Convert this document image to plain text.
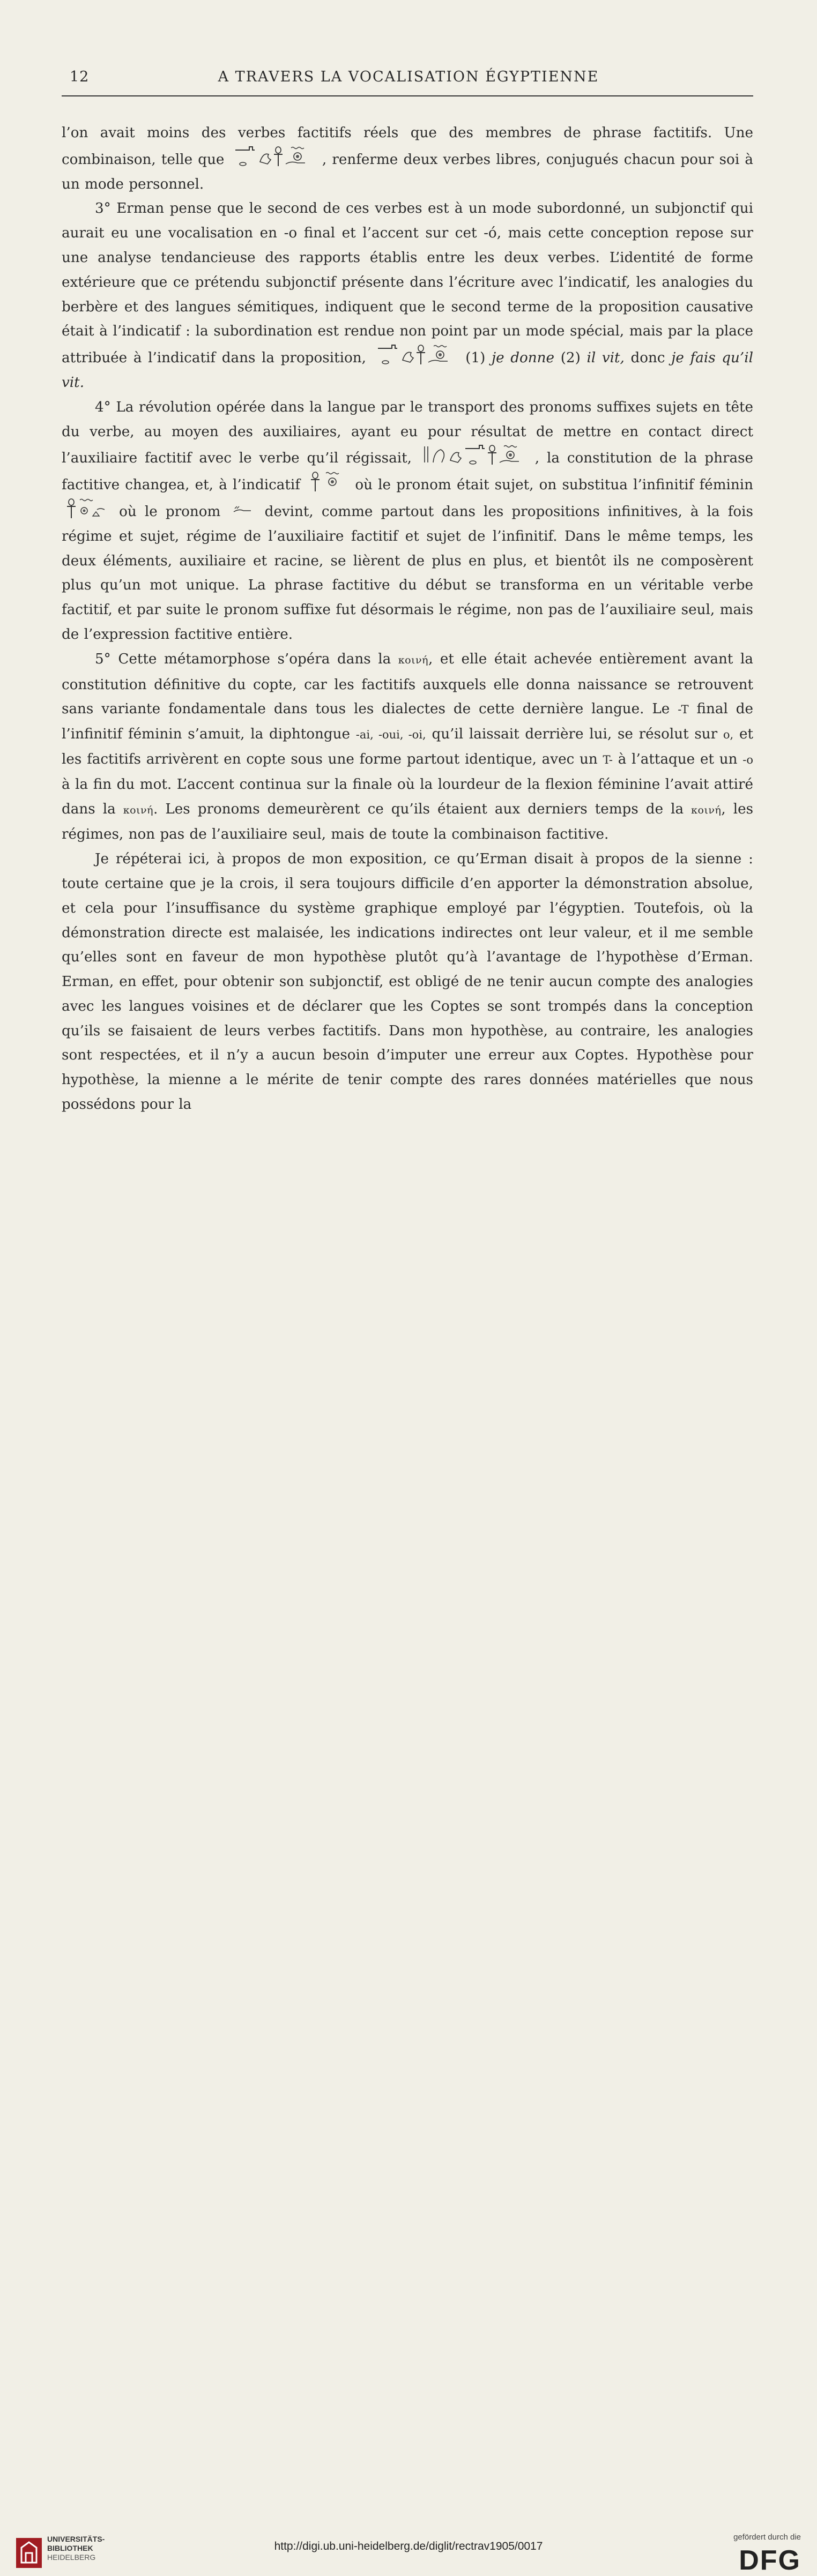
12	A TRAVERS LA VOCALISATION ÉGYPTIENNE

l’on avait moins des verbes factitifs réels que des membres de phrase factitifs. Une combinaison, telle que	, renferme deux verbes libres, conjugués chacun pour soi à un mode personnel.

3° Erman pense que le second de ces verbes est à un mode subordonné, un subjonctif qui aurait eu une vocalisation en -o final et l’accent sur cet -ó, mais cette conception repose sur une analyse tendancieuse des rapports établis entre les deux verbes. L’identité de forme extérieure que ce prétendu subjonctif présente dans l’écriture avec l’indicatif, les analogies du berbère et des langues sémitiques, indiquent que le second terme de la proposition causative était à l’indicatif : la subordination est rendue non point par un mode spécial, mais par la place attribuée à l’indicatif dans la proposition,	(1) je donne (2) il vit, donc je fais qu’il vit.

4° La révolution opérée dans la langue par le transport des pronoms suffixes sujets en tête du verbe, au moyen des auxiliaires, ayant eu pour résultat de mettre en contact direct l’auxiliaire factitif avec le verbe qu’il régissait,	, la constitution de la phrase factitive changea, et, à l’indicatif	où le pronom était sujet, on substitua l’infinitif féminin
où le pronom	devint, comme partout dans les propositions infinitives, à la fois régime et sujet, régime de l’auxiliaire factitif et sujet de l’infinitif. Dans le même temps, les deux éléments, auxiliaire et racine, se lièrent de plus en plus, et bientôt ils ne composèrent plus qu’un mot unique. La phrase factitive du début se transforma en un véritable verbe factitif, et par suite le pronom suffixe fut désormais le régime, non pas de l’auxiliaire seul, mais de l’expression factitive entière.

5° Cette métamorphose s’opéra dans la κοινή, et elle était achevée entièrement avant la constitution définitive du copte, car les factitifs auxquels elle donna naissance se retrouvent sans variante fondamentale dans tous les dialectes de cette dernière langue. Le -T final de l’infinitif féminin s’amuit, la diphtongue -ai, -oui, -oi, qu’il laissait derrière lui, se résolut sur o, et les factitifs arrivèrent en copte sous une forme partout identique, avec un T- à l’attaque et un -o à la fin du mot. L’accent continua sur la finale où la lourdeur de la flexion féminine l’avait attiré dans la κοινή. Les pronoms demeurèrent ce qu’ils étaient aux derniers temps de la κοινή, les régimes, non pas de l’auxiliaire seul, mais de toute la combinaison factitive.

Je répéterai ici, à propos de mon exposition, ce qu’Erman disait à propos de la sienne : toute certaine que je la crois, il sera toujours difficile d’en apporter la démonstration absolue, et cela pour l’insuffisance du système graphique employé par l’égyptien. Toutefois, où la démonstration directe est malaisée, les indications indirectes ont leur valeur, et il me semble qu’elles sont en faveur de mon hypothèse plutôt qu’à l’avantage de l’hypothèse d’Erman. Erman, en effet, pour obtenir son subjonctif, est obligé de ne tenir aucun compte des analogies avec les langues voisines et de déclarer que les Coptes se sont trompés dans la conception qu’ils se faisaient de leurs verbes factitifs. Dans mon hypothèse, au contraire, les analogies sont respectées, et il n’y a aucun besoin d’imputer une erreur aux Coptes. Hypothèse pour hypothèse, la mienne a le mérite de tenir compte des rares données matérielles que nous possédons pour la

UNIVERSITÄTS-
BIBLIOTHEK
HEIDELBERG
http://digi.ub.uni-heidelberg.de/diglit/rectrav1905/0017
gefördert durch die
DFG
